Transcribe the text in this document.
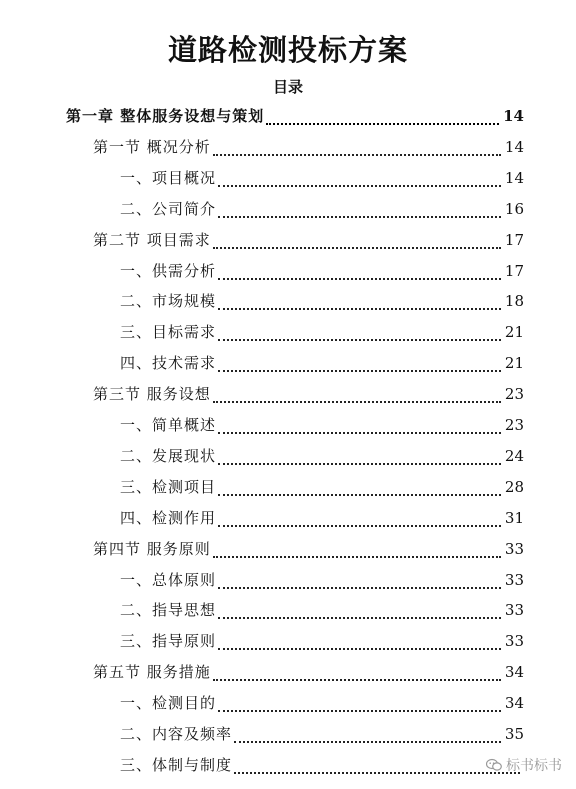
道路检测投标方案
目录
第一章 整体服务设想与策划	14
第一节 概况分析	14
一、项目概况	14
二、公司简介	16
第二节 项目需求	17
一、供需分析	17
二、市场规模	18
三、目标需求	21
四、技术需求	21
第三节 服务设想	23
一、简单概述	23
二、发展现状	24
三、检测项目	28
四、检测作用	31
第四节 服务原则	33
一、总体原则	33
二、指导思想	33
三、指导原则	33
第五节 服务措施	34
一、检测目的	34
二、内容及频率	35
三、体制与制度	标书标书
